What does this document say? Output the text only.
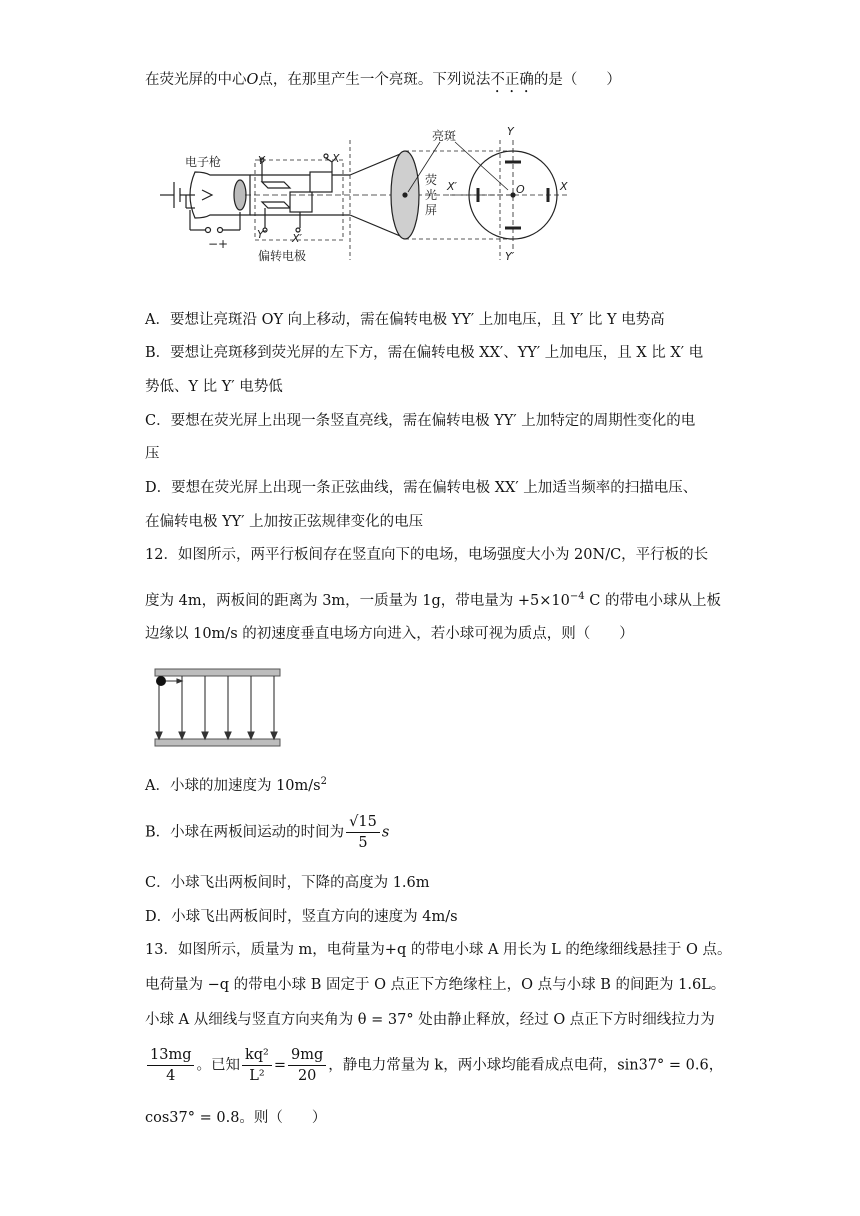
在荧光屏的中心O点，在那里产生一个亮斑。下列说法不正确的是（　　）
电子枪
偏转电极
亮斑
荧
光
屏
− +
Y
Y′
X
X′
Y
Y′
X
X′	O
A．要想让亮斑沿 OY 向上移动，需在偏转电极 YY′ 上加电压，且 Y′ 比 Y 电势高
B．要想让亮斑移到荧光屏的左下方，需在偏转电极 XX′、YY′ 上加电压，且 X 比 X′ 电
势低、Y 比 Y′ 电势低
C．要想在荧光屏上出现一条竖直亮线，需在偏转电极 YY′ 上加特定的周期性变化的电
压
D．要想在荧光屏上出现一条正弦曲线，需在偏转电极 XX′ 上加适当频率的扫描电压、
在偏转电极 YY′ 上加按正弦规律变化的电压
12．如图所示，两平行板间存在竖直向下的电场，电场强度大小为 20N/C，平行板的长
度为 4m，两板间的距离为 3m，一质量为 1g，带电量为 $+5\times 10^{-4}$ C 的带电小球从上板
边缘以 10m/s 的初速度垂直电场方向进入，若小球可视为质点，则（　　）
A．小球的加速度为 $10m/s^2$
B．小球在两板间运动的时间为 $\frac{√15}{5}$ s
C．小球飞出两板间时，下降的高度为 1.6m
D．小球飞出两板间时，竖直方向的速度为 4m/s
13．如图所示，质量为 m，电荷量为+q 的带电小球 A 用长为 L 的绝缘细线悬挂于 O 点。
电荷量为 −q 的带电小球 B 固定于 O 点正下方绝缘柱上，O 点与小球 B 的间距为 1.6L。
小球 A 从细线与竖直方向夹角为 θ = 37° 处由静止释放，经过 O 点正下方时细线拉力为
$\frac{13mg}{4}$ 。已知 $\frac{\text{kq²}}{\text{L²}} = \frac{9mg}{20}$ ，静电力常量为 k，两小球均能看成点电荷，sin37° = 0.6，
cos37° = 0.8。则（　　）
